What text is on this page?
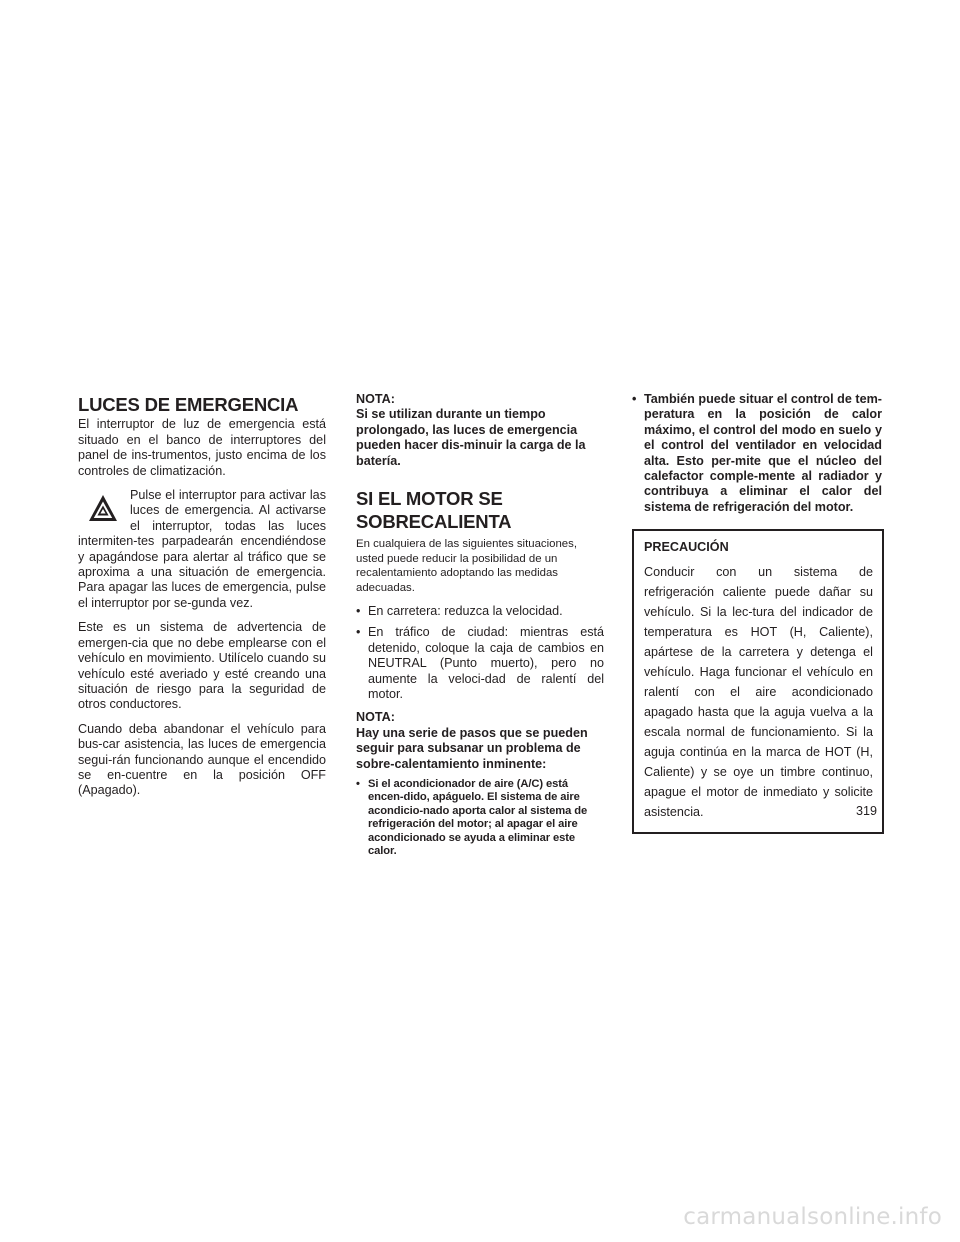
LUCES DE EMERGENCIA

El interruptor de luz de emergencia está situado en el banco de interruptores del panel de ins-trumentos, justo encima de los controles de climatización.

Pulse el interruptor para activar las luces de emergencia. Al activarse el interruptor, todas las luces intermiten-tes parpadearán encendiéndose y apagándose para alertar al tráfico que se aproxima a una situación de emergencia. Para apagar las luces de emergencia, pulse el interruptor por se-gunda vez.

Este es un sistema de advertencia de emergen-cia que no debe emplearse con el vehículo en movimiento. Utilícelo cuando su vehículo esté averiado y esté creando una situación de riesgo para la seguridad de otros conductores.

Cuando deba abandonar el vehículo para bus-car asistencia, las luces de emergencia segui-rán funcionando aunque el encendido se en-cuentre en la posición OFF (Apagado).

NOTA:
Si se utilizan durante un tiempo prolongado, las luces de emergencia pueden hacer dis-minuir la carga de la batería.
SI EL MOTOR SE SOBRECALIENTA

En cualquiera de las siguientes situaciones, usted puede reducir la posibilidad de un recalentamiento adoptando las medidas adecuadas.

• En carretera: reduzca la velocidad.
• En tráfico de ciudad: mientras está detenido, coloque la caja de cambios en NEUTRAL (Punto muerto), pero no aumente la veloci-dad de ralentí del motor.
NOTA:
Hay una serie de pasos que se pueden seguir para subsanar un problema de sobre-calentamiento inminente:
• Si el acondicionador de aire (A/C) está encen-dido, apáguelo. El sistema de aire acondicio-nado aporta calor al sistema de refrigeración del motor; al apagar el aire acondicionado se ayuda a eliminar este calor.
• También puede situar el control de tem-peratura en la posición de calor máximo, el control del modo en suelo y el control del ventilador en velocidad alta. Esto per-mite que el núcleo del calefactor comple-mente al radiador y contribuya a eliminar el calor del sistema de refrigeración del motor.
PRECAUCIÓN

Conducir con un sistema de refrigeración caliente puede dañar su vehículo. Si la lec-tura del indicador de temperatura es HOT (H, Caliente), apártese de la carretera y detenga el vehículo. Haga funcionar el vehículo en ralentí con el aire acondicionado apagado hasta que la aguja vuelva a la escala normal de funcionamiento. Si la aguja continúa en la marca de HOT (H, Caliente) y se oye un timbre continuo, apague el motor de inmediato y solicite asistencia.	319
carmanualsonline.info
